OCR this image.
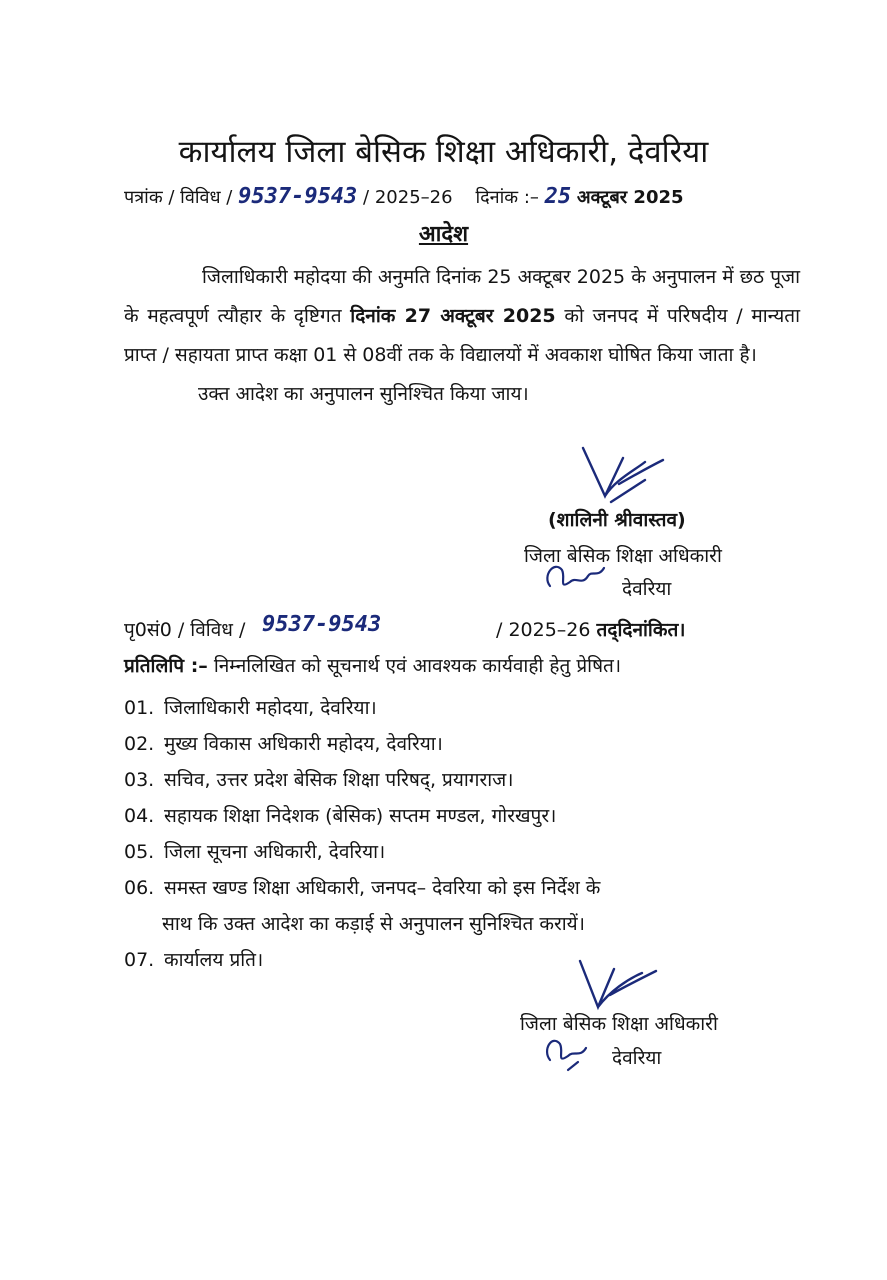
कार्यालय जिला बेसिक शिक्षा अधिकारी, देवरिया
पत्रांक / विविध / 9537-9543 / 2025–26 दिनांक :– 25 अक्टूबर 2025
आदेश

जिलाधिकारी महोदया की अनुमति दिनांक 25 अक्टूबर 2025 के अनुपालन में छठ पूजा के महत्वपूर्ण त्यौहार के दृष्टिगत दिनांक 27 अक्टूबर 2025 को जनपद में परिषदीय / मान्यता प्राप्त / सहायता प्राप्त कक्षा 01 से 08वीं तक के विद्यालयों में अवकाश घोषित किया जाता है।

उक्त आदेश का अनुपालन सुनिश्चित किया जाय।

(शालिनी श्रीवास्तव)
जिला बेसिक शिक्षा अधिकारी
देवरिया
पृ0सं0 / विविध / 9537-9543	/ 2025–26 तद्‌दिनांकित।
प्रतिलिपि :– निम्नलिखित को सूचनार्थ एवं आवश्यक कार्यवाही हेतु प्रेषित।
01. जिलाधिकारी महोदया, देवरिया।
02. मुख्य विकास अधिकारी महोदय, देवरिया।
03. सचिव, उत्तर प्रदेश बेसिक शिक्षा परिषद्, प्रयागराज।
04. सहायक शिक्षा निदेशक (बेसिक) सप्तम मण्डल, गोरखपुर।
05. जिला सूचना अधिकारी, देवरिया।
06. समस्त खण्ड शिक्षा अधिकारी, जनपद– देवरिया को इस निर्देश के
साथ कि उक्त आदेश का कड़ाई से अनुपालन सुनिश्चित करायें।
07. कार्यालय प्रति।
जिला बेसिक शिक्षा अधिकारी
देवरिया
